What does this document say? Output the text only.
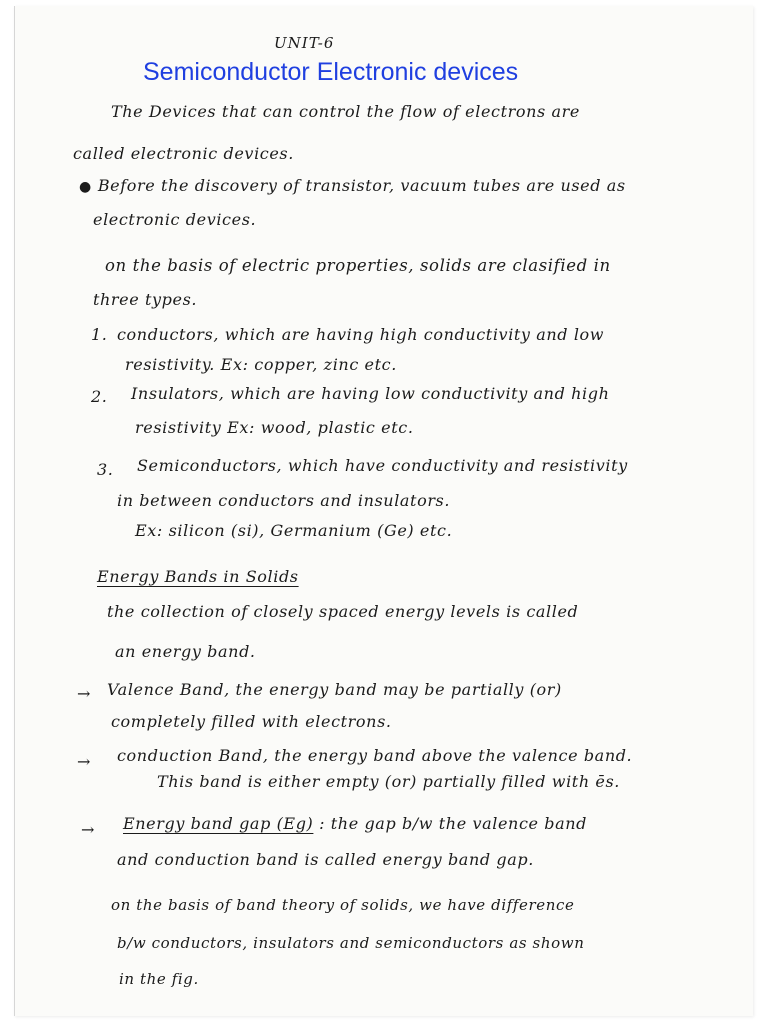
UNIT-6
Semiconductor Electronic devices
The Devices that can control the flow of electrons are
called electronic devices.
● Before the discovery of transistor, vacuum tubes are used as
electronic devices.
on the basis of electric properties, solids are clasified in
three types.
1. conductors, which are having high conductivity and low
resistivity. Ex: copper, zinc etc.
2. Insulators, which are having low conductivity and high
resistivity Ex: wood, plastic etc.
3. Semiconductors, which have conductivity and resistivity
in between conductors and insulators.
Ex: silicon (si), Germanium (Ge) etc.
Energy Bands in Solids
the collection of closely spaced energy levels is called
an energy band.
→ Valence Band, the energy band may be partially (or)
completely filled with electrons.
→ conduction Band, the energy band above the valence band.
This band is either empty (or) partially filled with ēs.
→ Energy band gap (Eg) : the gap b/w the valence band
and conduction band is called energy band gap.
on the basis of band theory of solids, we have difference
b/w conductors, insulators and semiconductors as shown
in the fig.
